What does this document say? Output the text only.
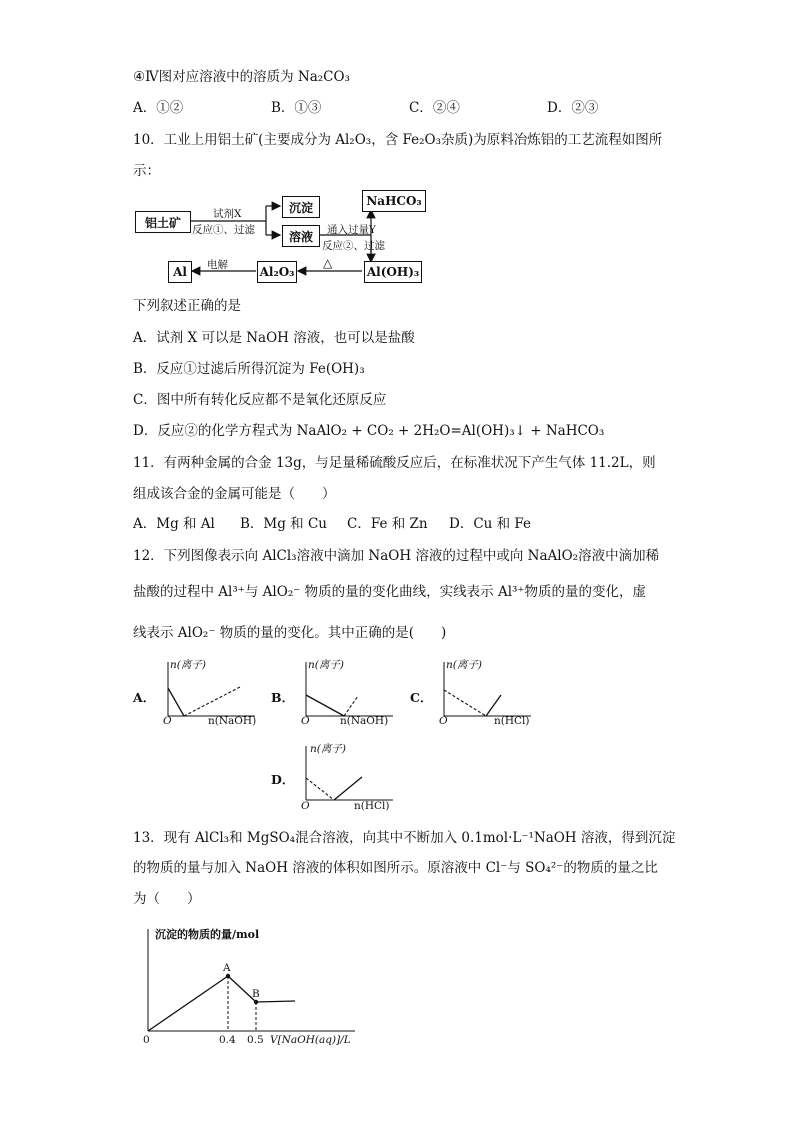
④Ⅳ图对应溶液中的溶质为 Na₂CO₃
A．①②	B．①③	C．②④	D．②③
10．工业上用铝土矿(主要成分为 Al₂O₃，含 Fe₂O₃杂质)为原料冶炼铝的工艺流程如图所
示：
铝土矿
试剂X
反应①、过滤
沉淀
溶液	通入过量Y
反应②、过滤
NaHCO₃
Al(OH)₃
△
Al₂O₃
电解
Al
下列叙述正确的是
A．试剂 X 可以是 NaOH 溶液，也可以是盐酸
B．反应①过滤后所得沉淀为 Fe(OH)₃
C．图中所有转化反应都不是氧化还原反应
D．反应②的化学方程式为 NaAlO₂ + CO₂ + 2H₂O=Al(OH)₃↓ + NaHCO₃
11．有两种金属的合金 13g，与足量稀硫酸反应后，在标准状况下产生气体 11.2L，则
组成该合金的金属可能是（　　）
A．Mg 和 Al B．Mg 和 Cu C．Fe 和 Zn D．Cu 和 Fe
12．下列图像表示向 AlCl₃溶液中滴加 NaOH 溶液的过程中或向 NaAlO₂溶液中滴加稀
盐酸的过程中 Al³⁺与 AlO₂⁻ 物质的量的变化曲线，实线表示 Al³⁺物质的量的变化，虚
线表示 AlO₂⁻ 物质的量的变化。其中正确的是(　　)
A．
n(离子)
O	n(NaOH)
B．
n(离子)
O	n(NaOH)
C．
n(离子)
O	n(HCl)
D．
n(离子)
O	n(HCl)
13．现有 AlCl₃和 MgSO₄混合溶液，向其中不断加入 0.1mol·L⁻¹NaOH 溶液，得到沉淀
的物质的量与加入 NaOH 溶液的体积如图所示。原溶液中 Cl⁻与 SO₄²⁻的物质的量之比
为（　　）
沉淀的物质的量/mol
A
B
0	0.4 0.5 V[NaOH(aq)]/L
